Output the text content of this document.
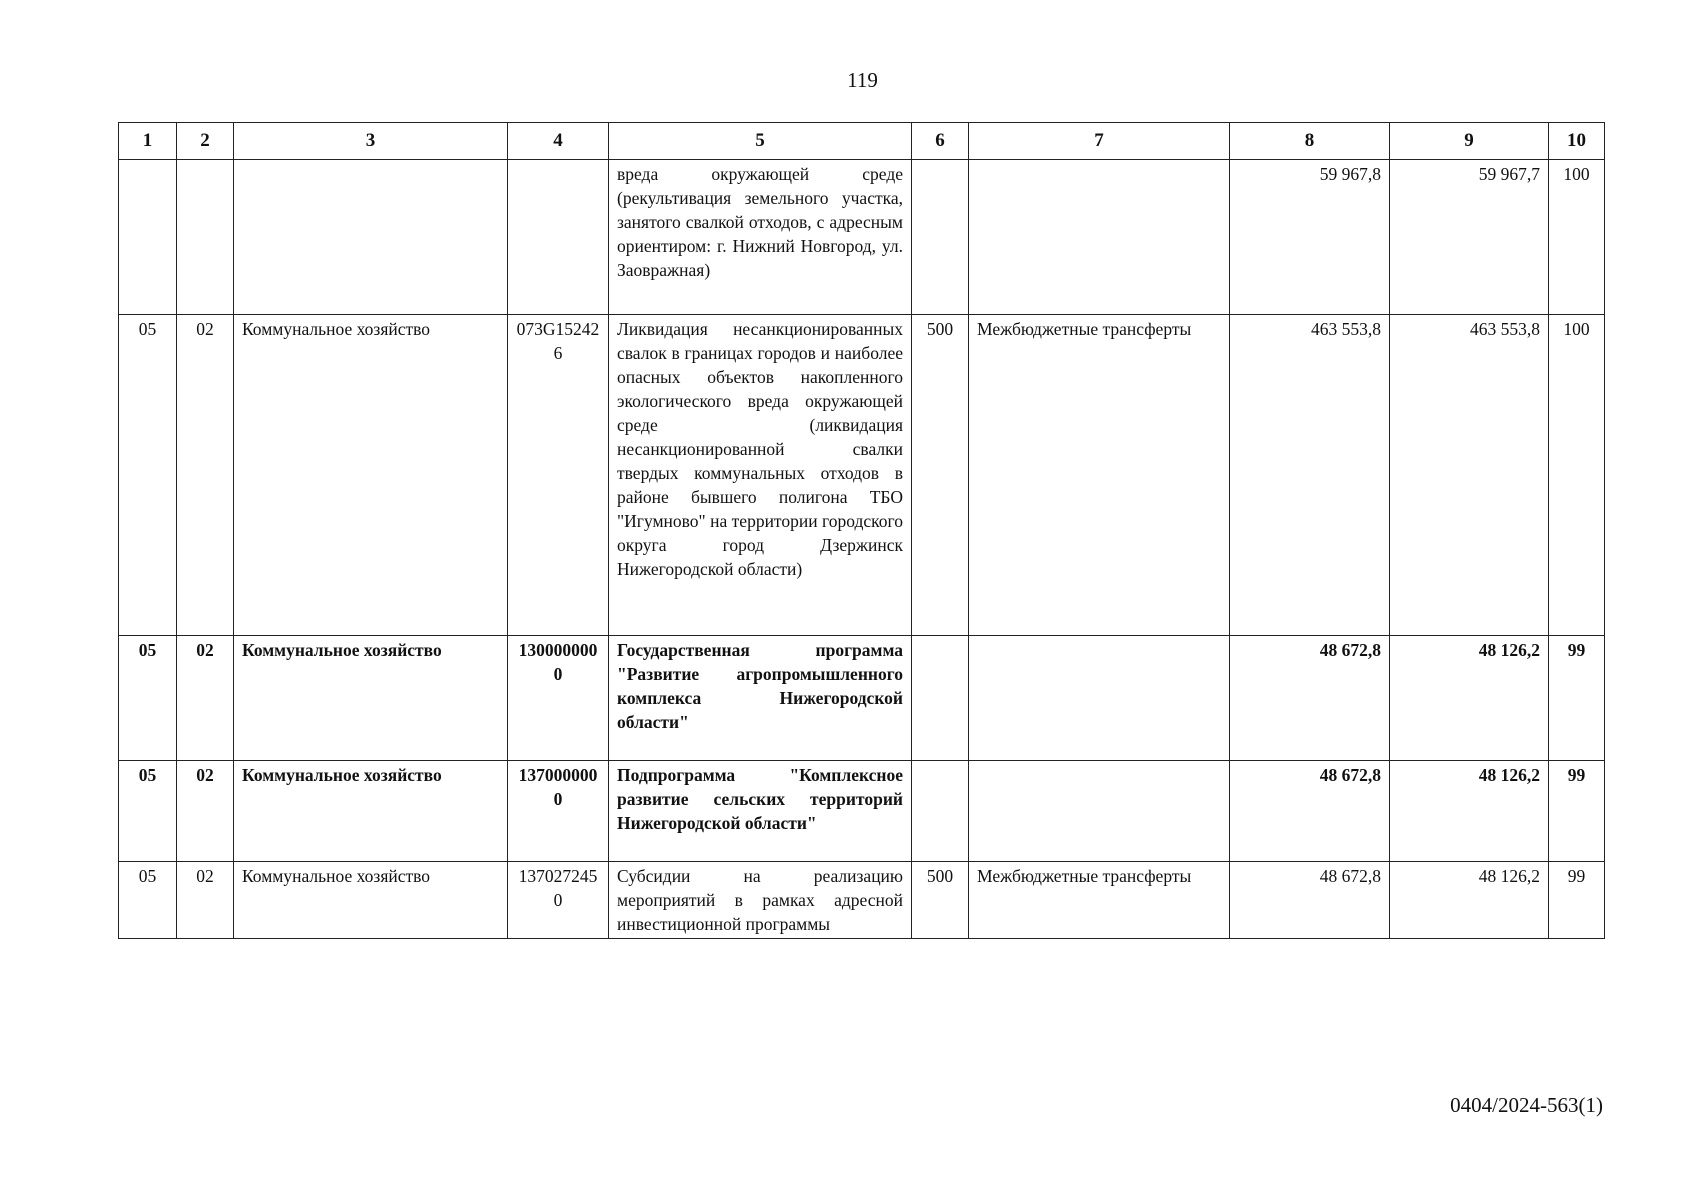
119
1	2	3	4	5	6	7	8	9	10
				вреда окружающей среде (рекультивация земельного участка, занятого свалкой отходов, с адресным ориентиром: г. Нижний Новгород, ул. Заовражная)			59 967,8	59 967,7	100
05	02	Коммунальное хозяйство	073G152426	Ликвидация несанкционированных свалок в границах городов и наиболее опасных объектов накопленного экологического вреда окружающей среде (ликвидация несанкционированной свалки твердых коммунальных отходов в районе бывшего полигона ТБО "Игумново" на территории городского округа город Дзержинск Нижегородской области)	500	Межбюджетные трансферты	463 553,8	463 553,8	100
05	02	Коммунальное хозяйство	1300000000	Государственная программа "Развитие агропромышленного комплекса Нижегородской области"			48 672,8	48 126,2	99
05	02	Коммунальное хозяйство	1370000000	Подпрограмма "Комплексное развитие сельских территорий Нижегородской области"			48 672,8	48 126,2	99
05	02	Коммунальное хозяйство	1370272450	Субсидии на реализацию мероприятий в рамках адресной инвестиционной программы	500	Межбюджетные трансферты	48 672,8	48 126,2	99
0404/2024-563(1)
